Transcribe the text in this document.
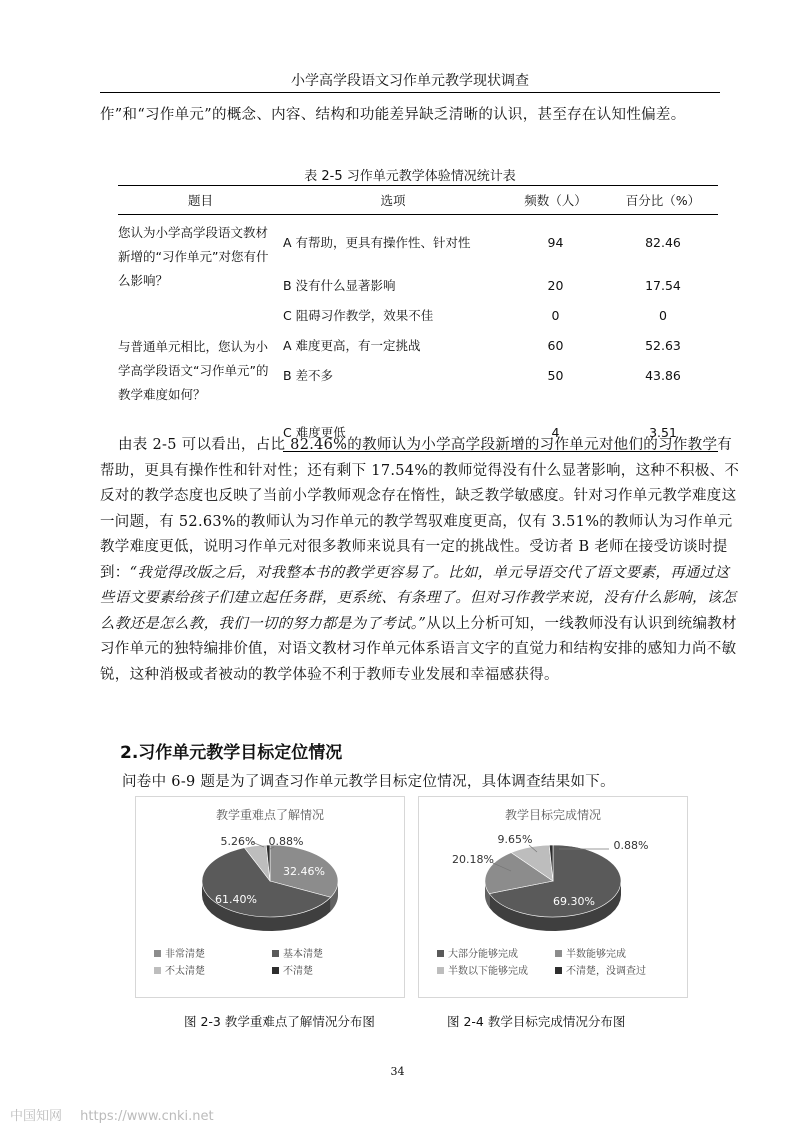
小学高学段语文习作单元教学现状调查

作”和“习作单元”的概念、内容、结构和功能差异缺乏清晰的认识，甚至存在认知性偏差。

表 2-5 习作单元教学体验情况统计表
题目	选项	频数（人）	百分比（%）
您认为小学高学段语文教材新增的“习作单元”对您有什么影响？	A 有帮助，更具有操作性、针对性	94	82.46
	B 没有什么显著影响	20	17.54
	C 阻碍习作教学，效果不佳	0	0
与普通单元相比，您认为小学高学段语文“习作单元”的教学难度如何？	A 难度更高，有一定挑战	60	52.63
	B 差不多	50	43.86
	C 难度更低	4	3.51

由表 2-5 可以看出，占比 82.46%的教师认为小学高学段新增的习作单元对他们的习作教学有帮助，更具有操作性和针对性；还有剩下 17.54%的教师觉得没有什么显著影响，这种不积极、不反对的教学态度也反映了当前小学教师观念存在惰性，缺乏教学敏感度。针对习作单元教学难度这一问题，有 52.63%的教师认为习作单元的教学驾驭难度更高，仅有 3.51%的教师认为习作单元教学难度更低，说明习作单元对很多教师来说具有一定的挑战性。受访者 B 老师在接受访谈时提到：“我觉得改版之后，对我整本书的教学更容易了。比如，单元导语交代了语文要素，再通过这些语文要素给孩子们建立起任务群，更系统、有条理了。但对习作教学来说，没有什么影响，该怎么教还是怎么教，我们一切的努力都是为了考试。”从以上分析可知，一线教师没有认识到统编教材习作单元的独特编排价值，对语文教材习作单元体系语言文字的直觉力和结构安排的感知力尚不敏锐，这种消极或者被动的教学体验不利于教师专业发展和幸福感获得。

2.习作单元教学目标定位情况

问卷中 6-9 题是为了调查习作单元教学目标定位情况，具体调查结果如下。

教学重难点了解情况
32.46%
61.40%
5.26% 0.88%
非常清楚	基本清楚
不太清楚	不清楚
教学目标完成情况
69.30%
20.18%
9.65%	0.88%
大部分能够完成	半数能够完成
半数以下能够完成	不清楚，没调查过
图 2-3 教学重难点了解情况分布图	图 2-4 教学目标完成情况分布图
34
中国知网 https://www.cnki.net
